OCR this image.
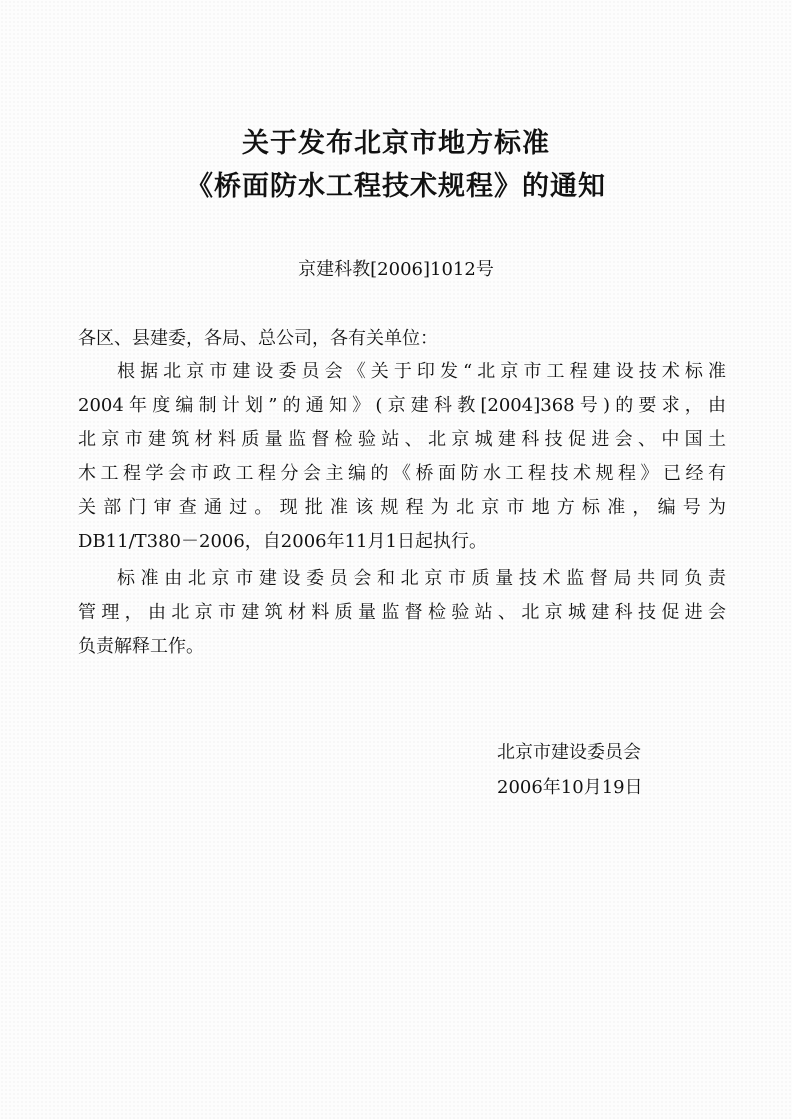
关于发布北京市地方标准
《桥面防水工程技术规程》的通知
京建科教[2006]1012号
各区、县建委，各局、总公司，各有关单位：
根据北京市建设委员会《关于印发“北京市工程建设技术标准
2004年度编制计划”的通知》(京建科教[2004]368号)的要求，由
北京市建筑材料质量监督检验站、北京城建科技促进会、中国土
木工程学会市政工程分会主编的《桥面防水工程技术规程》已经有
关部门审查通过。现批准该规程为北京市地方标准，编号为
DB11/T380－2006，自2006年11月1日起执行。
标准由北京市建设委员会和北京市质量技术监督局共同负责
管理，由北京市建筑材料质量监督检验站、北京城建科技促进会
负责解释工作。
北京市建设委员会
2006年10月19日
